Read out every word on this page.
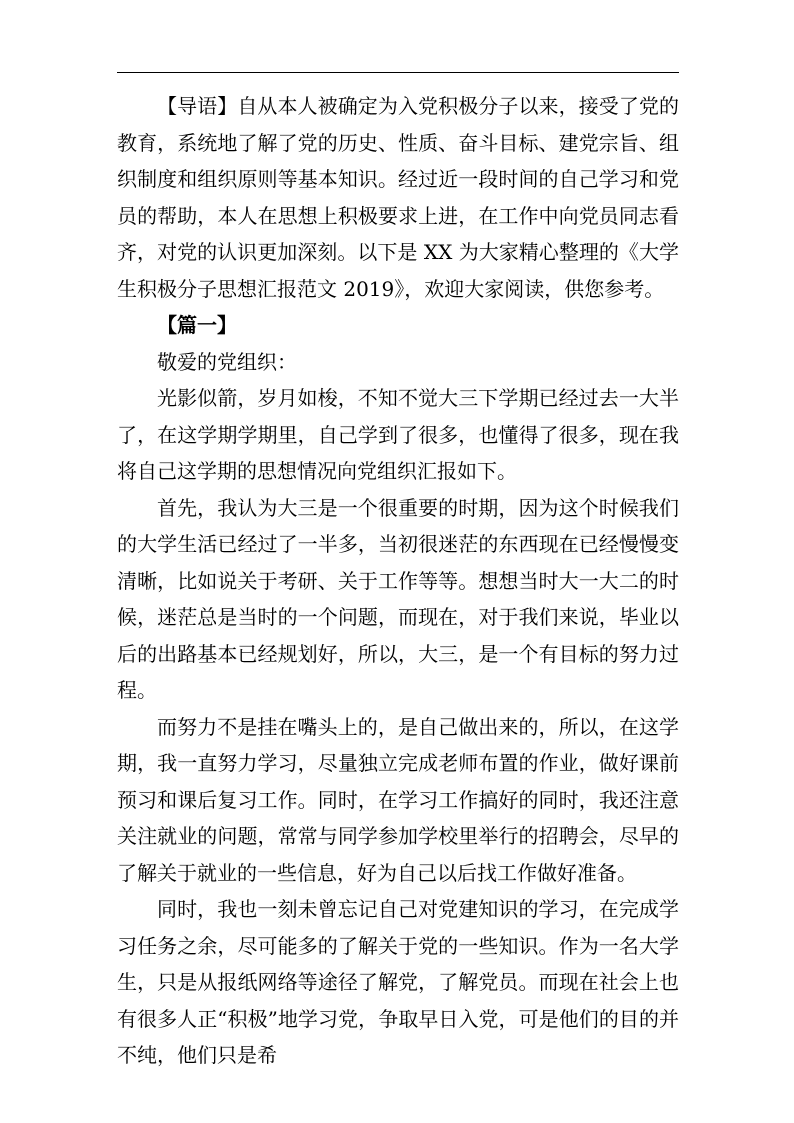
【导语】自从本人被确定为入党积极分子以来，接受了党的教育，系统地了解了党的历史、性质、奋斗目标、建党宗旨、组织制度和组织原则等基本知识。经过近一段时间的自己学习和党员的帮助，本人在思想上积极要求上进，在工作中向党员同志看齐，对党的认识更加深刻。以下是 XX 为大家精心整理的《大学生积极分子思想汇报范文 2019》，欢迎大家阅读，供您参考。

【篇一】

敬爱的党组织：

光影似箭，岁月如梭，不知不觉大三下学期已经过去一大半了，在这学期学期里，自己学到了很多，也懂得了很多，现在我将自己这学期的思想情况向党组织汇报如下。

首先，我认为大三是一个很重要的时期，因为这个时候我们的大学生活已经过了一半多，当初很迷茫的东西现在已经慢慢变清晰，比如说关于考研、关于工作等等。想想当时大一大二的时候，迷茫总是当时的一个问题，而现在，对于我们来说，毕业以后的出路基本已经规划好，所以，大三，是一个有目标的努力过程。

而努力不是挂在嘴头上的，是自己做出来的，所以，在这学期，我一直努力学习，尽量独立完成老师布置的作业，做好课前预习和课后复习工作。同时，在学习工作搞好的同时，我还注意关注就业的问题，常常与同学参加学校里举行的招聘会，尽早的了解关于就业的一些信息，好为自己以后找工作做好准备。

同时，我也一刻未曾忘记自己对党建知识的学习，在完成学习任务之余，尽可能多的了解关于党的一些知识。作为一名大学生，只是从报纸网络等途径了解党，了解党员。而现在社会上也有很多人正“积极”地学习党，争取早日入党，可是他们的目的并不纯，他们只是希
